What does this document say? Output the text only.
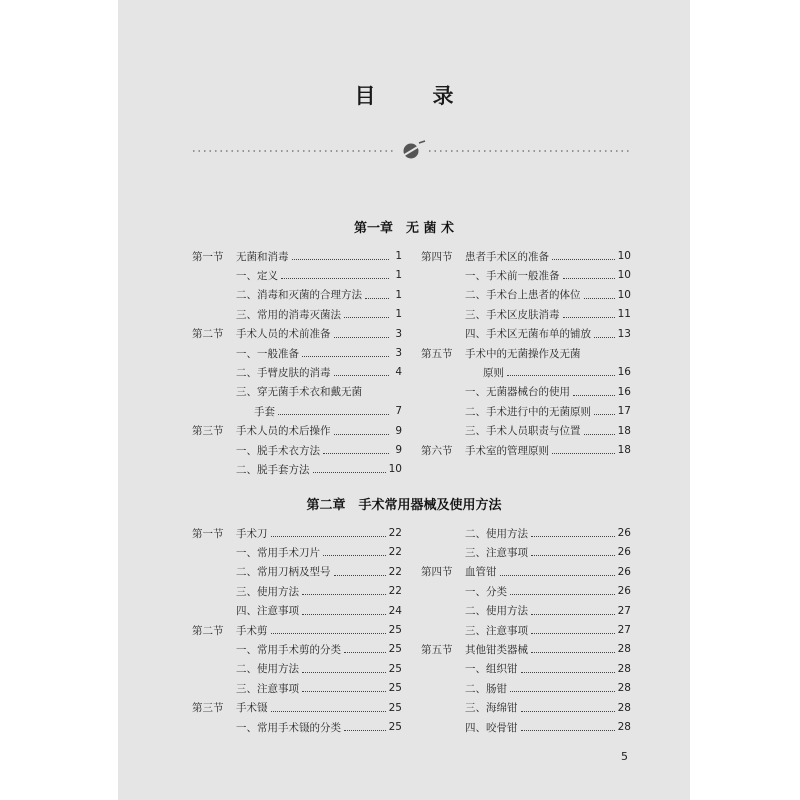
目　录
第一章　无 菌 术
第一节	无菌和消毒	1
一、定义	1
二、消毒和灭菌的合理方法	1
三、常用的消毒灭菌法	1
第二节	手术人员的术前准备	3
一、一般准备	3
二、手臂皮肤的消毒	4
三、穿无菌手术衣和戴无菌
手套	7
第三节	手术人员的术后操作	9
一、脱手术衣方法	9
二、脱手套方法	10
第四节	患者手术区的准备	10
一、手术前一般准备	10
二、手术台上患者的体位	10
三、手术区皮肤消毒	11
四、手术区无菌布单的铺放	13
第五节	手术中的无菌操作及无菌
原则	16
一、无菌器械台的使用	16
二、手术进行中的无菌原则	17
三、手术人员职责与位置	18
第六节	手术室的管理原则	18
第二章　手术常用器械及使用方法
第一节	手术刀	22
一、常用手术刀片	22
二、常用刀柄及型号	22
三、使用方法	22
四、注意事项	24
第二节	手术剪	25
一、常用手术剪的分类	25
二、使用方法	25
三、注意事项	25
第三节	手术镊	25
一、常用手术镊的分类	25
二、使用方法	26
三、注意事项	26
第四节	血管钳	26
一、分类	26
二、使用方法	27
三、注意事项	27
第五节	其他钳类器械	28
一、组织钳	28
二、肠钳	28
三、海绵钳	28
四、咬骨钳	28
5
